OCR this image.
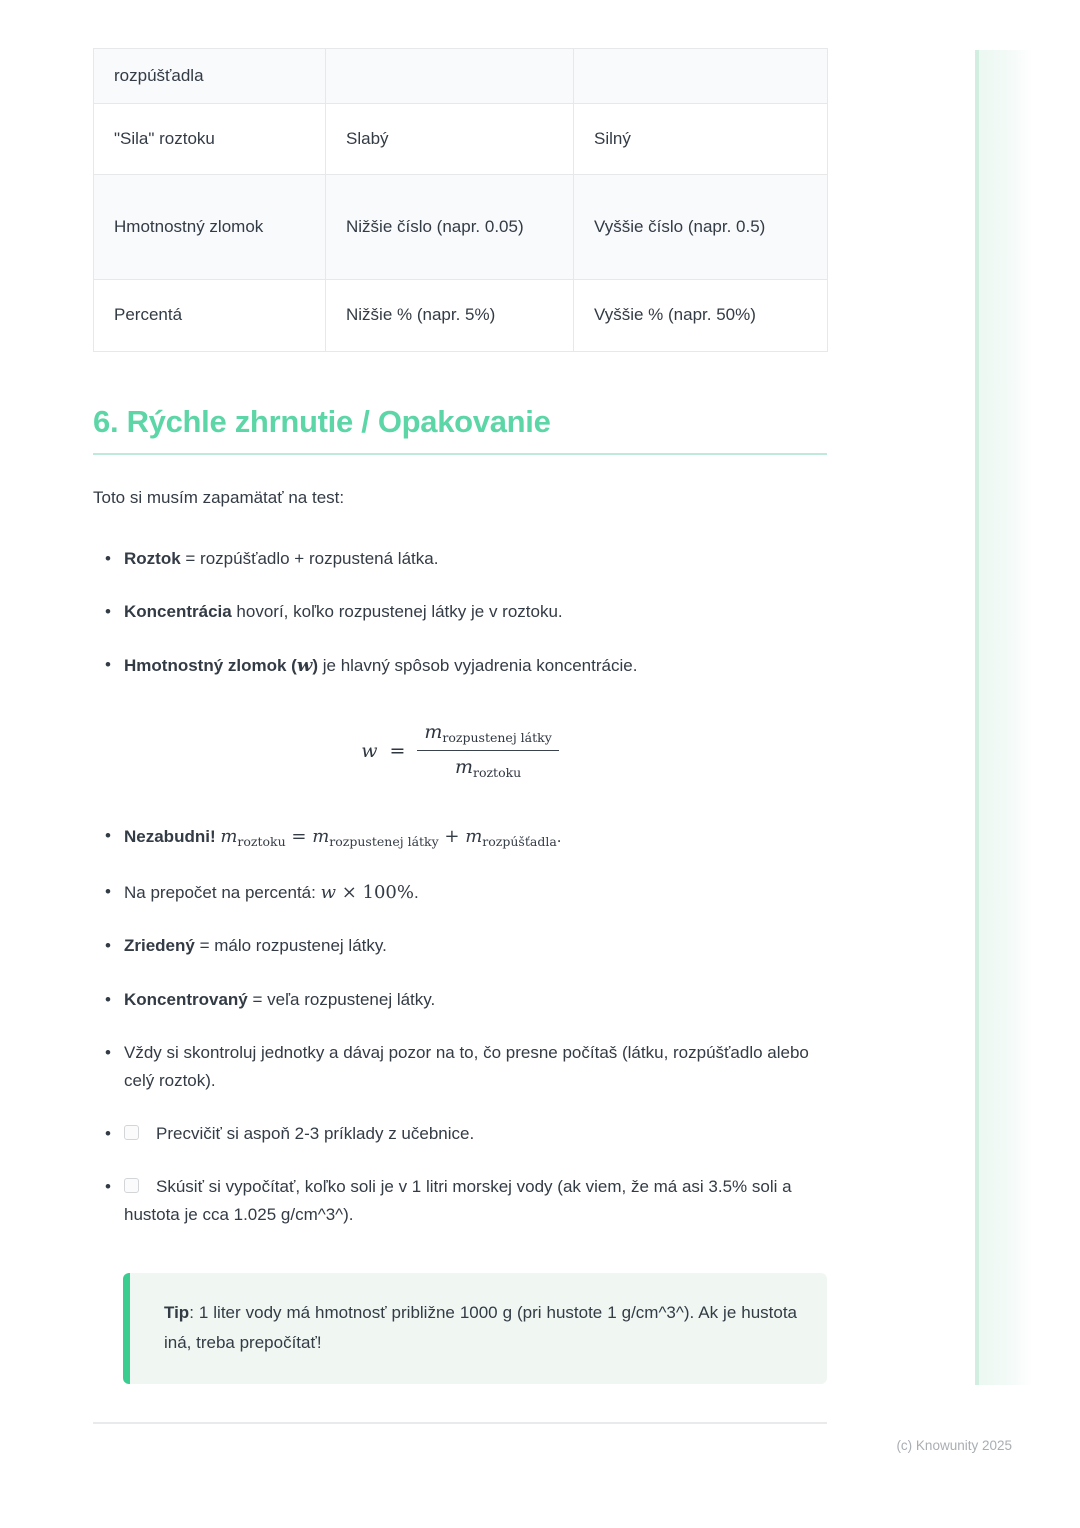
rozpúšťadla		
"Sila" roztoku	Slabý	Silný
Hmotnostný zlomok	Nižšie číslo (napr. 0.05)	Vyššie číslo (napr. 0.5)
Percentá	Nižšie % (napr. 5%)	Vyššie % (napr. 50%)
6. Rýchle zhrnutie / Opakovanie

Toto si musím zapamätať na test:

• Roztok = rozpúšťadlo + rozpustená látka.
• Koncentrácia hovorí, koľko rozpustenej látky je v roztoku.
• Hmotnostný zlomok (w) je hlavný spôsob vyjadrenia koncentrácie.
$w = \frac{m_{rozpustenej látky}}{m_{roztoku}}$
• Nezabudni! $m_{roztoku} = m_{rozpustenej látky} + m_{rozpúšťadla}$.
• Na prepočet na percentá: w × 100%.
• Zriedený = málo rozpustenej látky.
• Koncentrovaný = veľa rozpustenej látky.
• Vždy si skontroluj jednotky a dávaj pozor na to, čo presne počítaš (látku, rozpúšťadlo alebo celý roztok).
• Precvičiť si aspoň 2-3 príklady z učebnice.
• Skúsiť si vypočítať, koľko soli je v 1 litri morskej vody (ak viem, že má asi 3.5% soli a hustota je cca 1.025 g/cm^3^).
Tip: 1 liter vody má hmotnosť približne 1000 g (pri hustote 1 g/cm^3^). Ak je hustota iná, treba prepočítať!
(c) Knowunity 2025
